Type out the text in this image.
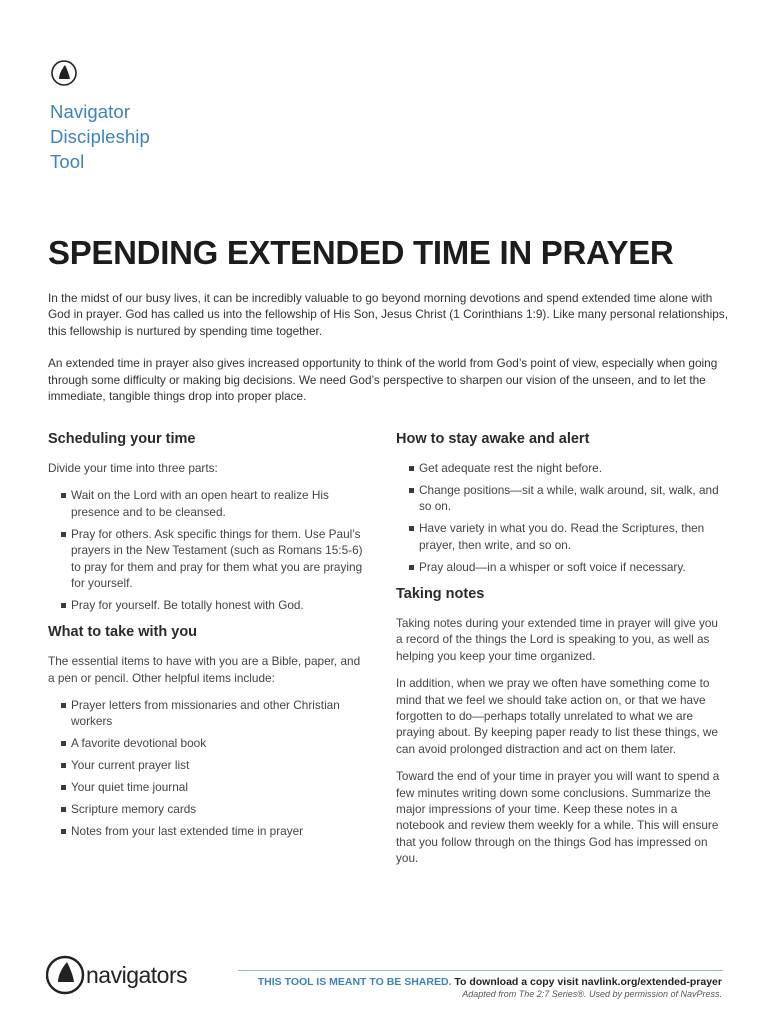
Navigator
Discipleship
Tool
SPENDING EXTENDED TIME IN PRAYER

In the midst of our busy lives, it can be incredibly valuable to go beyond morning devotions and spend extended time alone with God in prayer. God has called us into the fellowship of His Son, Jesus Christ (1 Corinthians 1:9). Like many personal relationships, this fellowship is nurtured by spending time together.

An extended time in prayer also gives increased opportunity to think of the world from God’s point of view, especially when going through some difficulty or making big decisions. We need God’s perspective to sharpen our vision of the unseen, and to let the immediate, tangible things drop into proper place.

Scheduling your time

Divide your time into three parts:

Wait on the Lord with an open heart to realize His presence and to be cleansed.
Pray for others. Ask specific things for them. Use Paul’s prayers in the New Testament (such as Romans 15:5-6) to pray for them and pray for them what you are praying for yourself.
Pray for yourself. Be totally honest with God.
What to take with you

The essential items to have with you are a Bible, paper, and a pen or pencil. Other helpful items include:

Prayer letters from missionaries and other Christian workers
A favorite devotional book
Your current prayer list
Your quiet time journal
Scripture memory cards
Notes from your last extended time in prayer
How to stay awake and alert
Get adequate rest the night before.
Change positions—sit a while, walk around, sit, walk, and so on.
Have variety in what you do. Read the Scriptures, then prayer, then write, and so on.
Pray aloud—in a whisper or soft voice if necessary.
Taking notes

Taking notes during your extended time in prayer will give you a record of the things the Lord is speaking to you, as well as helping you keep your time organized.

In addition, when we pray we often have something come to mind that we feel we should take action on, or that we have forgotten to do—perhaps totally unrelated to what we are praying about. By keeping paper ready to list these things, we can avoid prolonged distraction and act on them later.

Toward the end of your time in prayer you will want to spend a few minutes writing down some conclusions. Summarize the major impressions of your time. Keep these notes in a notebook and review them weekly for a while. This will ensure that you follow through on the things God has impressed on you.

navigators	THIS TOOL IS MEANT TO BE SHARED. To download a copy visit navlink.org/extended-prayer
Adapted from The 2:7 Series®. Used by permission of NavPress.
